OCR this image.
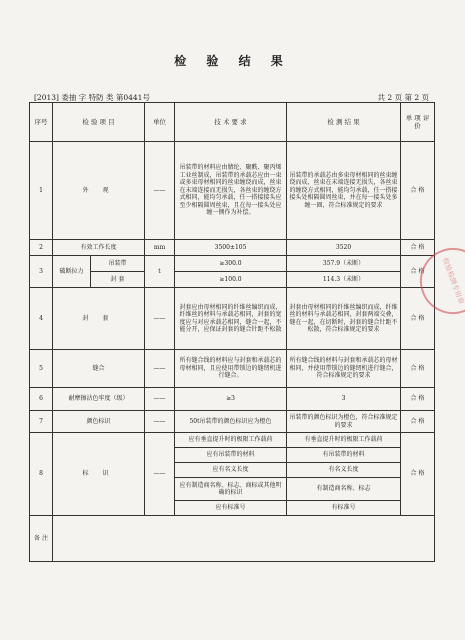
检 验 结 果
[2013] 委抽 字 特防 类 第0441号	共 2 页 第 2 页
序号	检 验 项 目		单位	技 术 要 求	检 测 结 果	单 项 评 价
1	外 观		——	吊装带的材料应由腈纶、聚酰、聚丙烯工业丝制成，吊装带的承载芯应由一束或多束母材相同的丝束缠绕而成，丝束在末端连接而无损失，各丝束的缠绕方式相同，能均匀承载，任一搭接接头应至少相隔圆周丝束，且在每一接头处应缠一侧作为补偿。	吊装带的承载芯由多束母材相同的丝束缠绕而成，丝束在末端连接无损失，各丝束的缠绕方式相同，能均匀承载，任一搭接接头处相隔圆周丝束，并在每一接头处多缠一圈，符合标准规定的要求	合 格
2	有效工作长度		mm	3500±105	3520	合 格
3	破断拉力	吊装带	t	≥300.0	357.9（未断）	合 格
		封 套		≥100.0	114.3（未断）	
4	封 套		——	封套应由母材相同的纤维丝编织而成，纤维丝的材料与承载芯相同，封套的宽度应与对应承载芯相同，缝合一起，不能分开，应保证封套的缝合针距不松散	封套由母材相同的纤维丝编织而成，纤维丝的材料与承载芯相同，封套两端交叠，缝在一起，在切断时，封套的缝合针距不松散，符合标准规定的要求	合 格
5	缝合		——	所有缝合线的材料应与封套和承载芯的母材相同，且应使用带锁边的缝纫机进行缝合。	所有缝合线的材料与封套和承载芯的母材相同，并使用带锁边的缝纫机进行缝合，符合标准规定的要求	合 格
6	耐摩擦沾色牢度（级）		——	≥3	3	合 格
7	颜色标识		——	50t吊装带的颜色标识应为橙色	吊装带的颜色标识为橙色，符合标准规定的要求	合 格
8	标 识		——	应有垂直提升时的极限工作载荷	有垂直提升时的极限工作载荷	合 格
				应有吊装带的材料	有吊装带的材料	
				应有名义长度	有名义长度	
				应有制造商名称、标志、商标或其他明确的标识	有制造商名称、标志	
				应有标准号	有标准号	
备 注						
检验检测专用章
